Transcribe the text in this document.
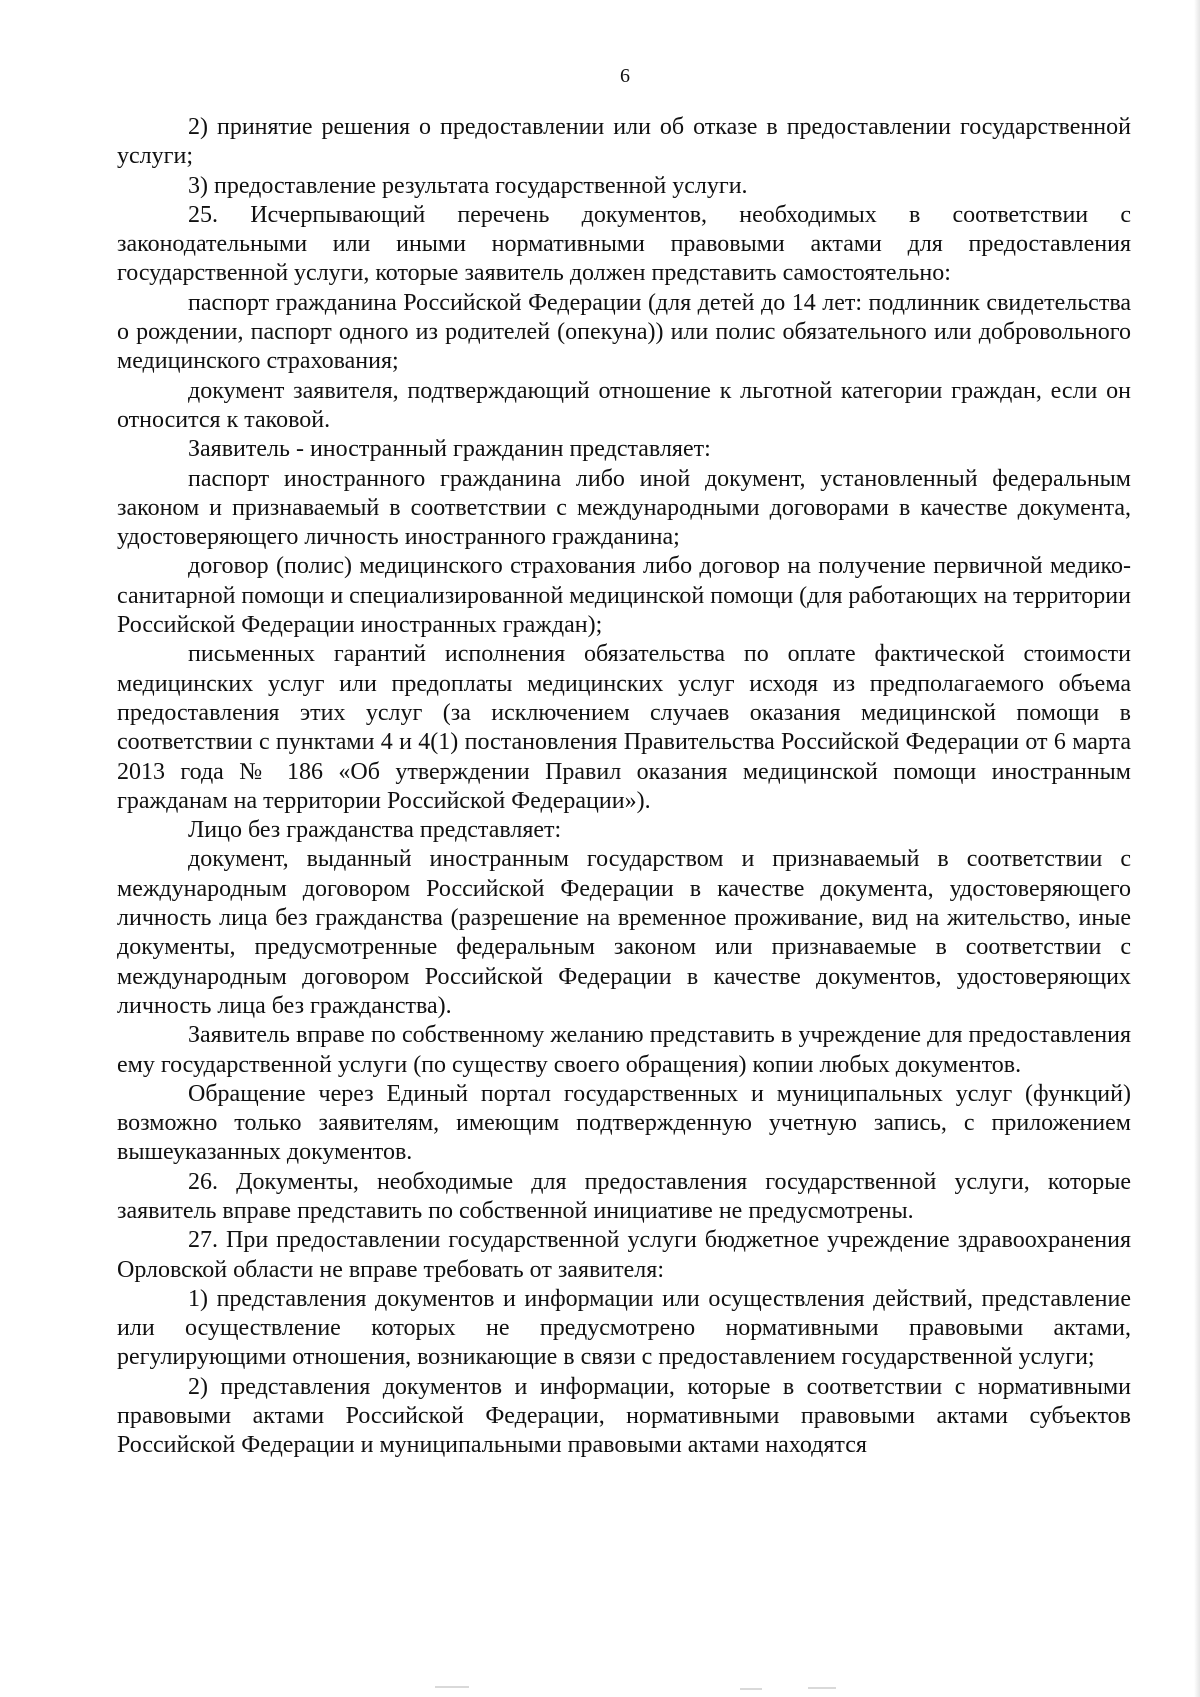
6

2) принятие решения о предоставлении или об отказе в предоставлении государственной услуги;

3) предоставление результата государственной услуги.

25. Исчерпывающий перечень документов, необходимых в соответствии с законодательными или иными нормативными правовыми актами для предоставления государственной услуги, которые заявитель должен представить самостоятельно:

паспорт гражданина Российской Федерации (для детей до 14 лет: подлинник свидетельства о рождении, паспорт одного из родителей (опекуна)) или полис обязательного или добровольного медицинского страхования;

документ заявителя, подтверждающий отношение к льготной категории граждан, если он относится к таковой.

Заявитель - иностранный гражданин представляет:

паспорт иностранного гражданина либо иной документ, установленный федеральным законом и признаваемый в соответствии с международными договорами в качестве документа, удостоверяющего личность иностранного гражданина;

договор (полис) медицинского страхования либо договор на получение первичной медико-санитарной помощи и специализированной медицинской помощи (для работающих на территории Российской Федерации иностранных граждан);

письменных гарантий исполнения обязательства по оплате фактической стоимости медицинских услуг или предоплаты медицинских услуг исходя из предполагаемого объема предоставления этих услуг (за исключением случаев оказания медицинской помощи в соответствии с пунктами 4 и 4(1) постановления Правительства Российской Федерации от 6 марта 2013 года № 186 «Об утверждении Правил оказания медицинской помощи иностранным гражданам на территории Российской Федерации»).

Лицо без гражданства представляет:

документ, выданный иностранным государством и признаваемый в соответствии с международным договором Российской Федерации в качестве документа, удостоверяющего личность лица без гражданства (разрешение на временное проживание, вид на жительство, иные документы, предусмотренные федеральным законом или признаваемые в соответствии с международным договором Российской Федерации в качестве документов, удостоверяющих личность лица без гражданства).

Заявитель вправе по собственному желанию представить в учреждение для предоставления ему государственной услуги (по существу своего обращения) копии любых документов.

Обращение через Единый портал государственных и муниципальных услуг (функций) возможно только заявителям, имеющим подтвержденную учетную запись, с приложением вышеуказанных документов.

26. Документы, необходимые для предоставления государственной услуги, которые заявитель вправе представить по собственной инициативе не предусмотрены.

27. При предоставлении государственной услуги бюджетное учреждение здравоохранения Орловской области не вправе требовать от заявителя:

1) представления документов и информации или осуществления действий, представление или осуществление которых не предусмотрено нормативными правовыми актами, регулирующими отношения, возникающие в связи с предоставлением государственной услуги;

2) представления документов и информации, которые в соответствии с нормативными правовыми актами Российской Федерации, нормативными правовыми актами субъектов Российской Федерации и муниципальными правовыми актами находятся
